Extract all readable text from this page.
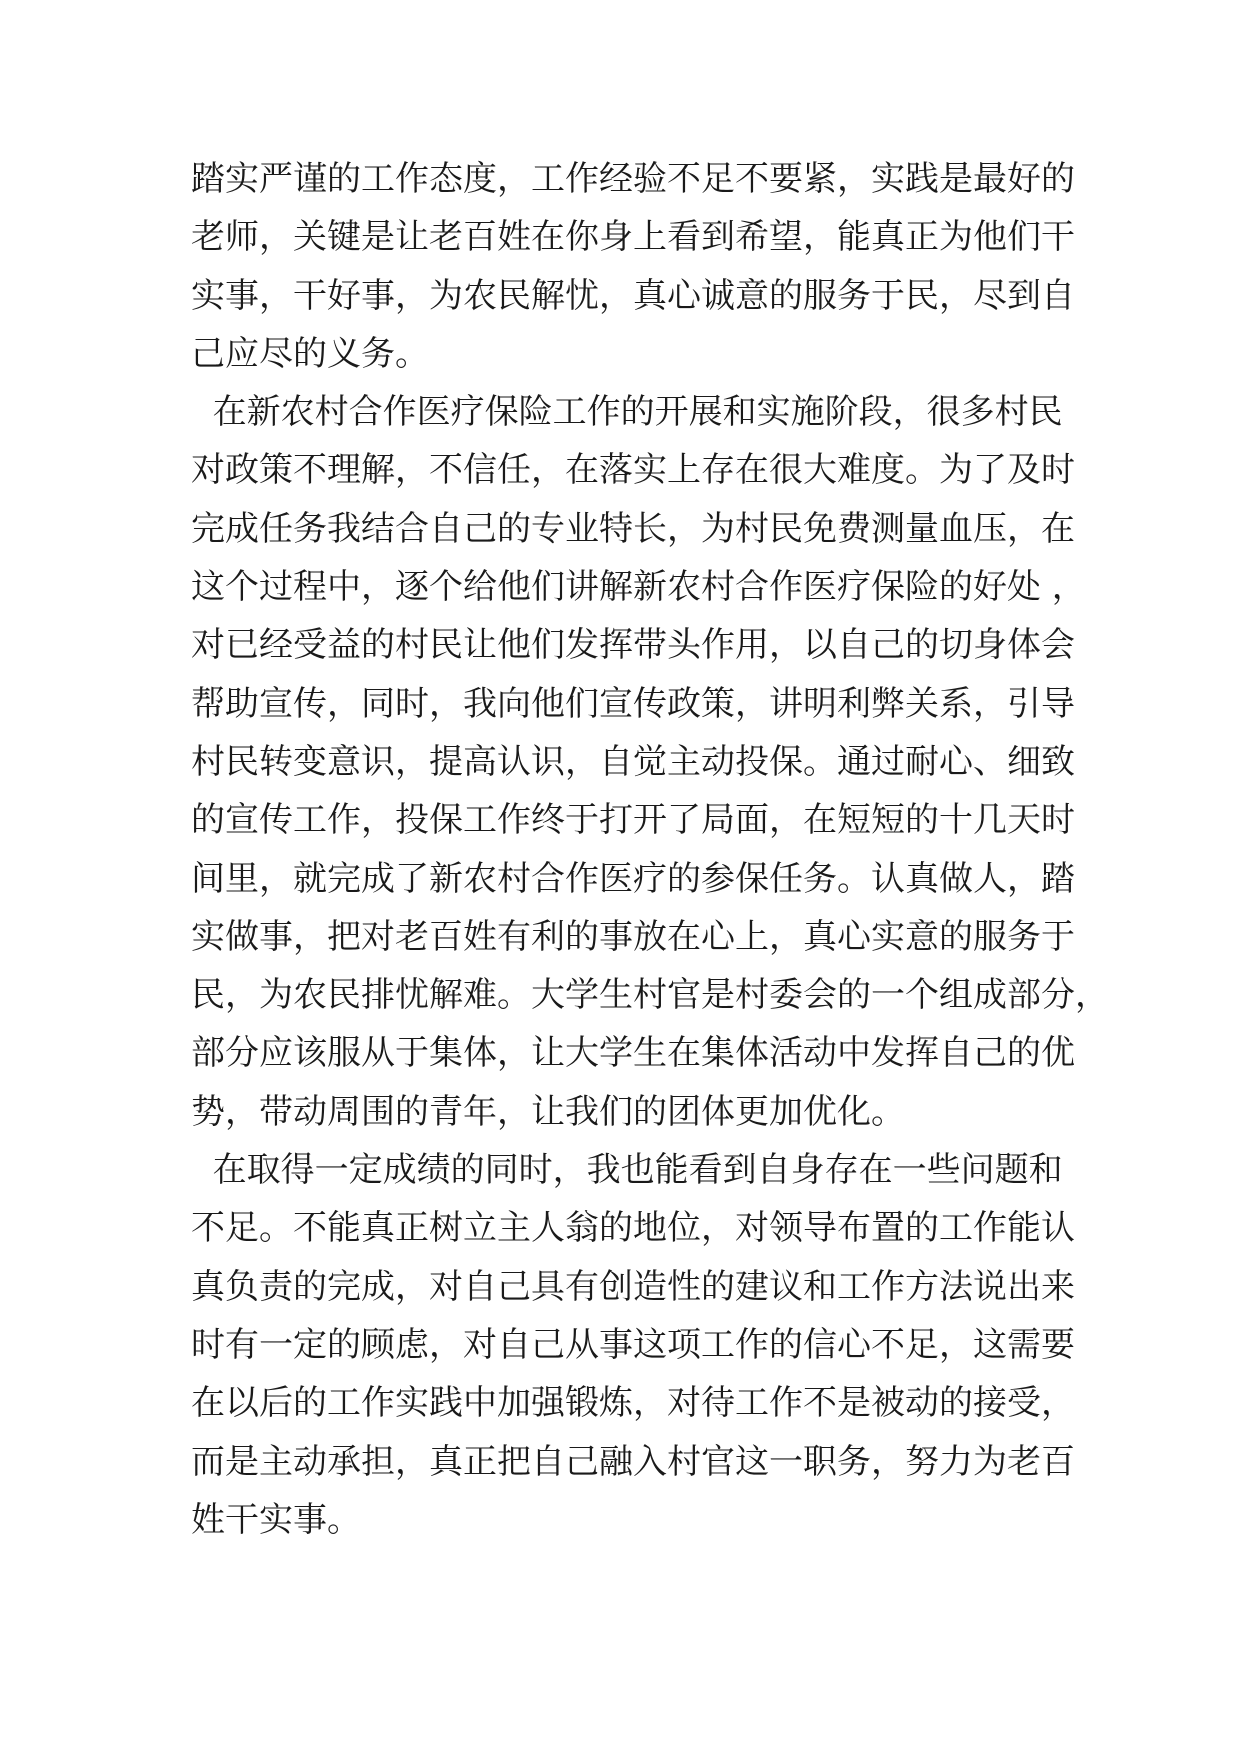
踏实严谨的工作态度，工作经验不足不要紧，实践是最好的
老师，关键是让老百姓在你身上看到希望，能真正为他们干
实事，干好事，为农民解忧，真心诚意的服务于民，尽到自
己应尽的义务。
在新农村合作医疗保险工作的开展和实施阶段，很多村民
对政策不理解，不信任，在落实上存在很大难度。为了及时
完成任务我结合自己的专业特长，为村民免费测量血压，在
这个过程中，逐个给他们讲解新农村合作医疗保险的好处 ，
对已经受益的村民让他们发挥带头作用，以自己的切身体会
帮助宣传，同时，我向他们宣传政策，讲明利弊关系，引导
村民转变意识，提高认识，自觉主动投保。通过耐心、细致
的宣传工作，投保工作终于打开了局面，在短短的十几天时
间里，就完成了新农村合作医疗的参保任务。认真做人，踏
实做事，把对老百姓有利的事放在心上，真心实意的服务于
民，为农民排忧解难。大学生村官是村委会的一个组成部分，
部分应该服从于集体，让大学生在集体活动中发挥自己的优
势，带动周围的青年，让我们的团体更加优化。
在取得一定成绩的同时，我也能看到自身存在一些问题和
不足。不能真正树立主人翁的地位，对领导布置的工作能认
真负责的完成，对自己具有创造性的建议和工作方法说出来
时有一定的顾虑，对自己从事这项工作的信心不足，这需要
在以后的工作实践中加强锻炼，对待工作不是被动的接受，
而是主动承担，真正把自己融入村官这一职务，努力为老百
姓干实事。
